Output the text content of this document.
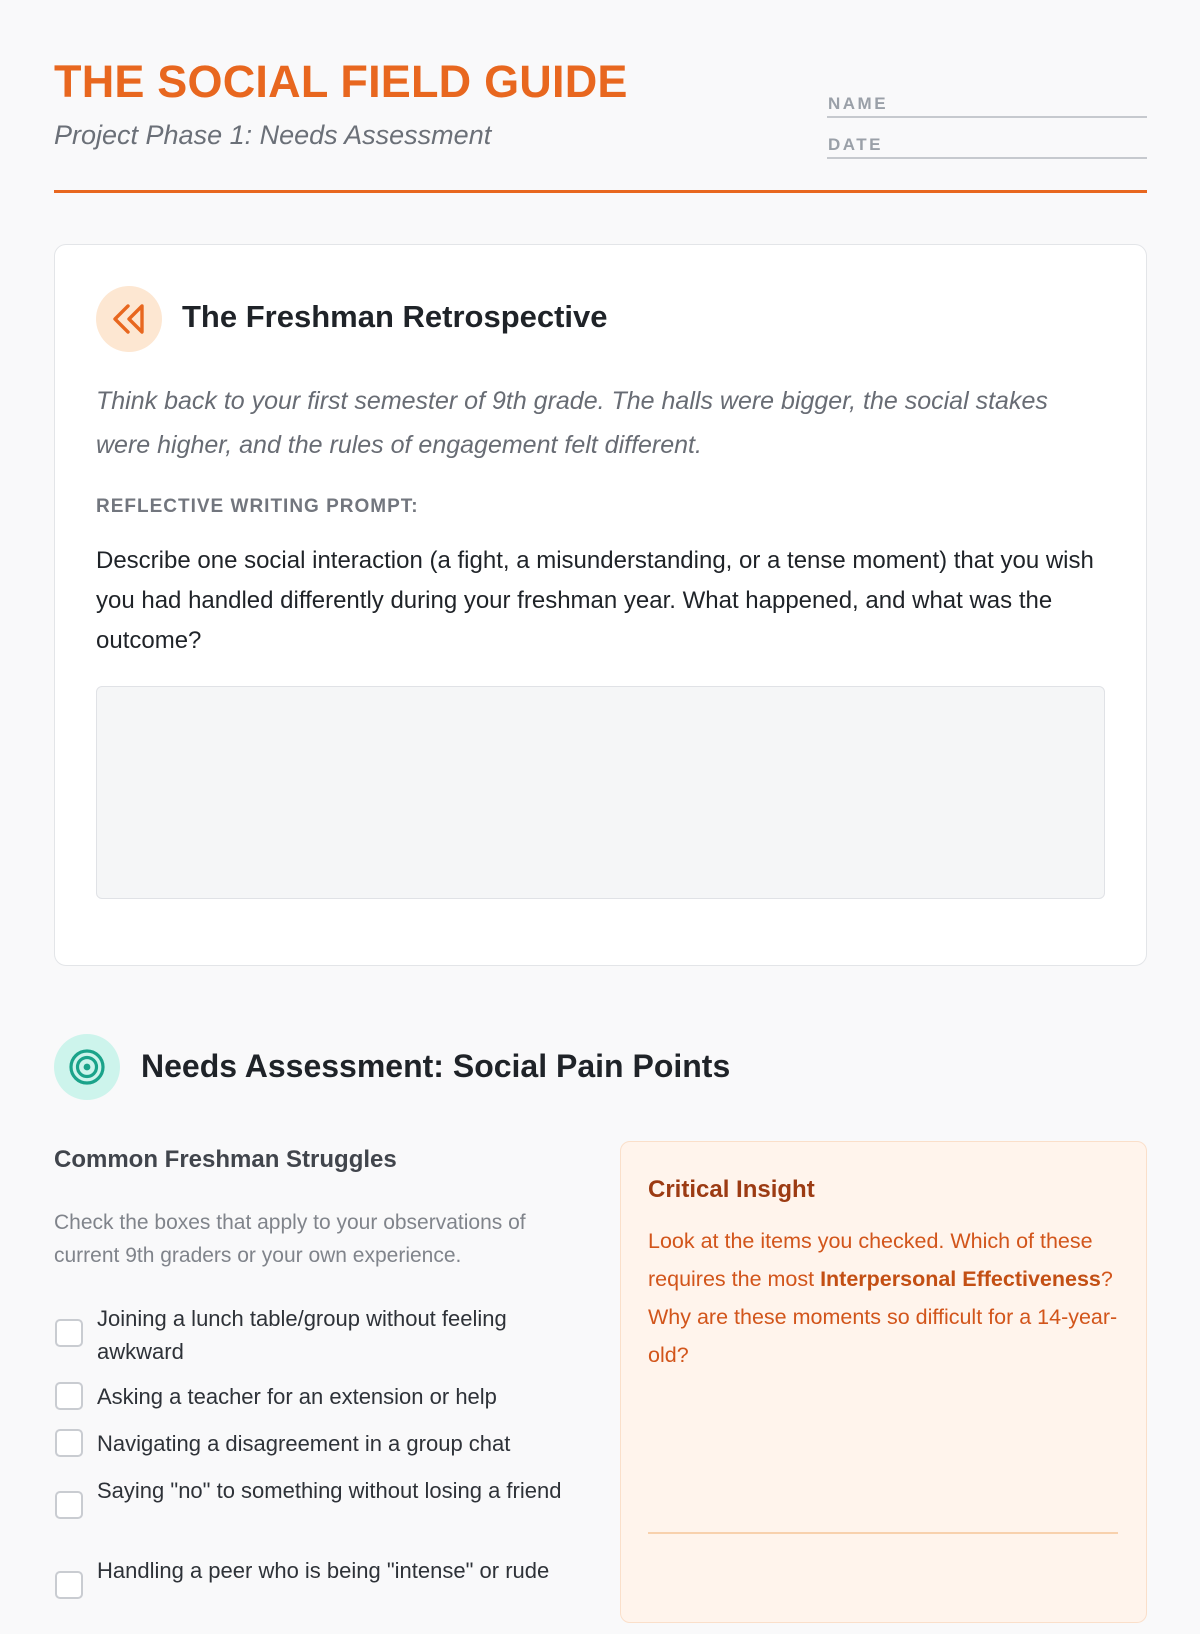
THE SOCIAL FIELD GUIDE
Project Phase 1: Needs Assessment
NAME
DATE
The Freshman Retrospective
Think back to your first semester of 9th grade. The halls were bigger, the social stakes were higher, and the rules of engagement felt different.
REFLECTIVE WRITING PROMPT:
Describe one social interaction (a fight, a misunderstanding, or a tense moment) that you wish you had handled differently during your freshman year. What happened, and what was the outcome?
Needs Assessment: Social Pain Points
Common Freshman Struggles
Check the boxes that apply to your observations of current 9th graders or your own experience.
Joining a lunch table/group without feeling awkward
Asking a teacher for an extension or help
Navigating a disagreement in a group chat
Saying "no" to something without losing a friend
Handling a peer who is being "intense" or rude
Critical Insight
Look at the items you checked. Which of these requires the most Interpersonal Effectiveness? Why are these moments so difficult for a 14-year-old?
